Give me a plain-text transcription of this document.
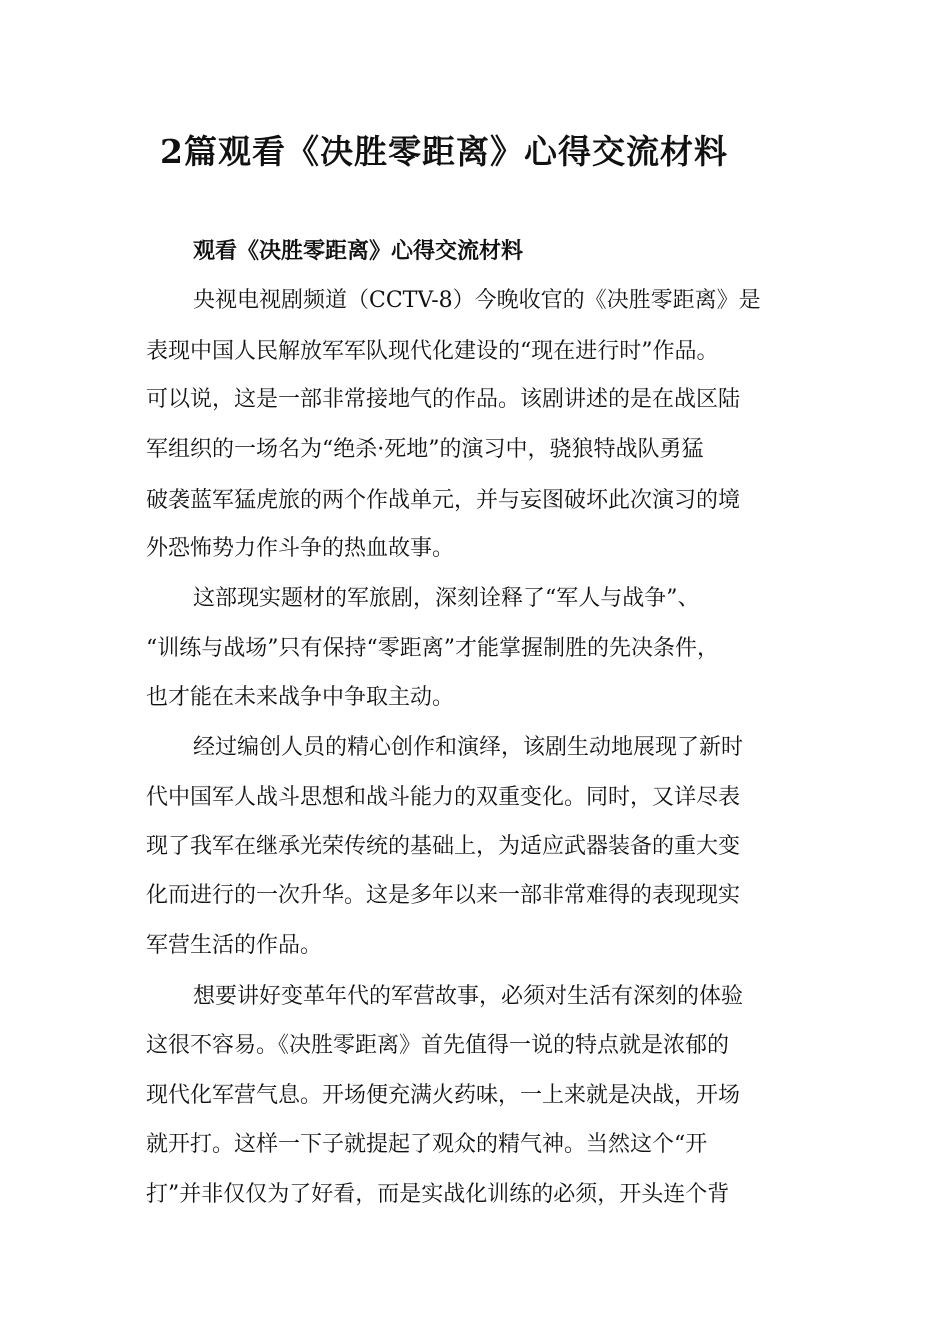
2篇观看《决胜零距离》心得交流材料
观看《决胜零距离》心得交流材料

央视电视剧频道（CCTV-8）今晚收官的《决胜零距离》是

表现中国人民解放军军队现代化建设的“现在进行时”作品。

可以说，这是一部非常接地气的作品。该剧讲述的是在战区陆

军组织的一场名为“绝杀·死地”的演习中，骁狼特战队勇猛

破袭蓝军猛虎旅的两个作战单元，并与妄图破坏此次演习的境

外恐怖势力作斗争的热血故事。

这部现实题材的军旅剧，深刻诠释了“军人与战争”、

“训练与战场”只有保持“零距离”才能掌握制胜的先决条件，

也才能在未来战争中争取主动。

经过编创人员的精心创作和演绎，该剧生动地展现了新时

代中国军人战斗思想和战斗能力的双重变化。同时，又详尽表

现了我军在继承光荣传统的基础上，为适应武器装备的重大变

化而进行的一次升华。这是多年以来一部非常难得的表现现实

军营生活的作品。

想要讲好变革年代的军营故事，必须对生活有深刻的体验

这很不容易。《决胜零距离》首先值得一说的特点就是浓郁的

现代化军营气息。开场便充满火药味，一上来就是决战，开场

就开打。这样一下子就提起了观众的精气神。当然这个“开

打”并非仅仅为了好看，而是实战化训练的必须，开头连个背
